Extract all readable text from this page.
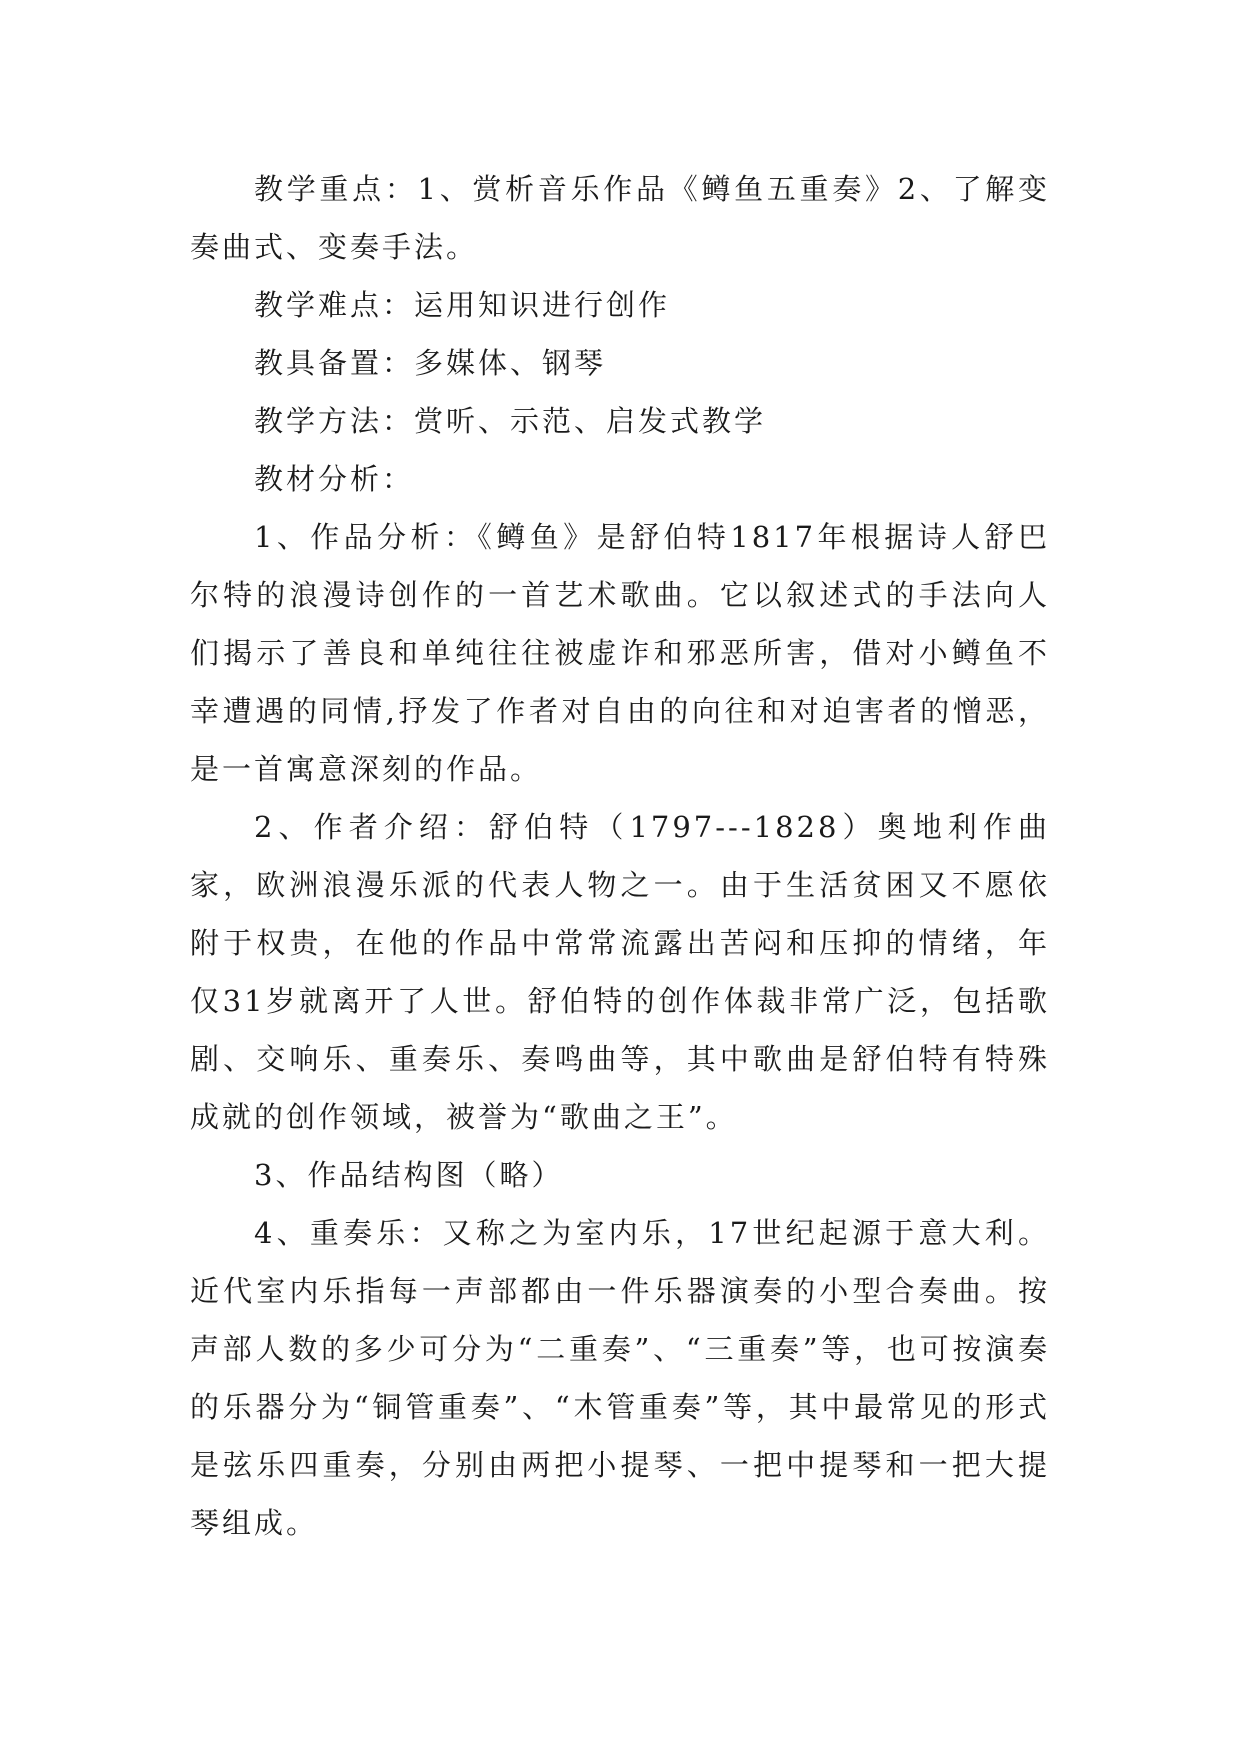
教学重点：1、赏析音乐作品《鳟鱼五重奏》2、了解变奏曲式、变奏手法。

教学难点：运用知识进行创作

教具备置：多媒体、钢琴

教学方法：赏听、示范、启发式教学

教材分析：

1、作品分析：《鳟鱼》是舒伯特1817年根据诗人舒巴尔特的浪漫诗创作的一首艺术歌曲。它以叙述式的手法向人们揭示了善良和单纯往往被虚诈和邪恶所害，借对小鳟鱼不幸遭遇的同情,抒发了作者对自由的向往和对迫害者的憎恶，是一首寓意深刻的作品。

2、作者介绍：舒伯特（1797---1828）奥地利作曲家，欧洲浪漫乐派的代表人物之一。由于生活贫困又不愿依附于权贵，在他的作品中常常流露出苦闷和压抑的情绪，年仅31岁就离开了人世。舒伯特的创作体裁非常广泛，包括歌剧、交响乐、重奏乐、奏鸣曲等，其中歌曲是舒伯特有特殊成就的创作领域，被誉为“歌曲之王”。

3、作品结构图（略）

4、重奏乐：又称之为室内乐，17世纪起源于意大利。近代室内乐指每一声部都由一件乐器演奏的小型合奏曲。按声部人数的多少可分为“二重奏”、“三重奏”等，也可按演奏的乐器分为“铜管重奏”、“木管重奏”等，其中最常见的形式是弦乐四重奏，分别由两把小提琴、一把中提琴和一把大提琴组成。
